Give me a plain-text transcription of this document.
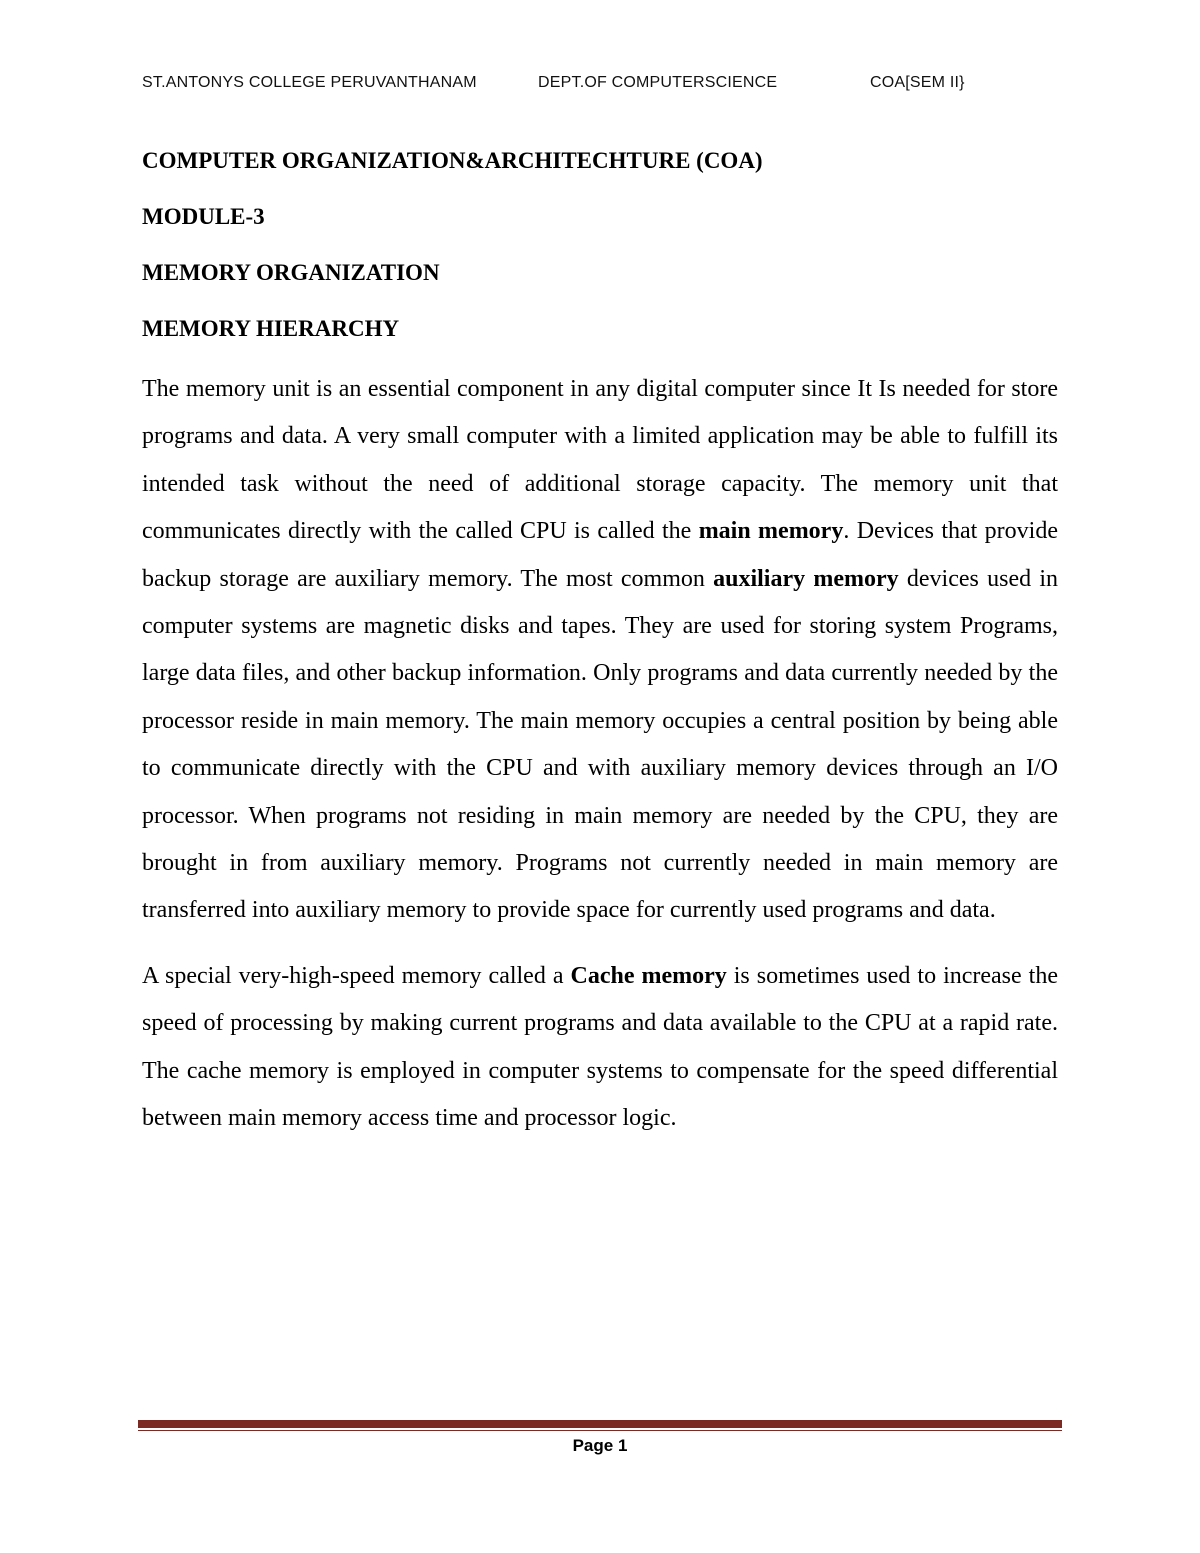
ST.ANTONYS COLLEGE PERUVANTHANAM	DEPT.OF COMPUTERSCIENCE	COA[SEM II}
COMPUTER ORGANIZATION&ARCHITECHTURE (COA)
MODULE-3
MEMORY ORGANIZATION
MEMORY HIERARCHY

The memory unit is an essential component in any digital computer since It Is needed for store programs and data. A very small computer with a limited application may be able to fulfill its intended task without the need of additional storage capacity. The memory unit that communicates directly with the called CPU is called the main memory. Devices that provide backup storage are auxiliary memory. The most common auxiliary memory devices used in computer systems are magnetic disks and tapes. They are used for storing system Programs, large data files, and other backup information. Only programs and data currently needed by the processor reside in main memory. The main memory occupies a central position by being able to communicate directly with the CPU and with auxiliary memory devices through an I/O processor. When programs not residing in main memory are needed by the CPU, they are brought in from auxiliary memory. Programs not currently needed in main memory are transferred into auxiliary memory to provide space for currently used programs and data.

A special very-high-speed memory called a Cache memory is sometimes used to increase the speed of processing by making current programs and data available to the CPU at a rapid rate. The cache memory is employed in computer systems to compensate for the speed differential between main memory access time and processor logic.

Page 1
